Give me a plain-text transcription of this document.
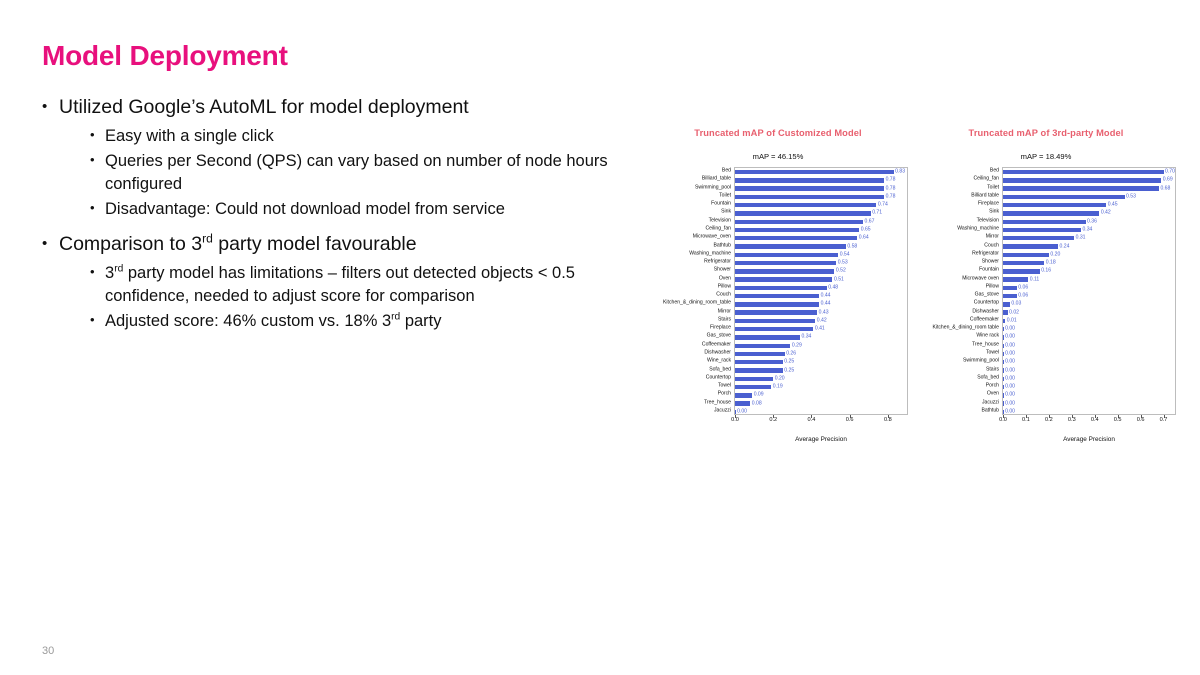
Model Deployment
• Utilized Google’s AutoML for model deployment
• Easy with a single click
• Queries per Second (QPS) can vary based on number of node hours configured
• Disadvantage: Could not download model from service
• Comparison to 3rd party model favourable
• 3rd party model has limitations – filters out detected objects < 0.5 confidence, needed to adjust score for comparison
• Adjusted score: 46% custom vs. 18% 3rd party
30
Truncated mAP of Customized Model
mAP = 46.15%
Bed
Billiard_table
Swimming_pool
Toilet
Fountain
Sink
Television
Ceiling_fan
Microwave_oven
Bathtub
Washing_machine
Refrigerator
Shower
Oven
Pillow
Couch
Kitchen_&_dining_room_table
Mirror
Stairs
Fireplace
Gas_stove
Coffeemaker
Dishwasher
Wine_rack
Sofa_bed
Countertop
Towel
Porch
Tree_house
Jacuzzi
0.83
0.78
0.78
0.78
0.74
0.71
0.67
0.65
0.64
0.58
0.54
0.53
0.52
0.51
0.48
0.44
0.44
0.43
0.42
0.41
0.34
0.29
0.26
0.25
0.25
0.20
0.19
0.09
0.08
0.00
0.0	0.2	0.4	0.6	0.8
Average Precision
Truncated mAP of 3rd-party Model
mAP = 18.49%
Bed
Ceiling_fan
Toilet
Billiard table
Fireplace
Sink
Television
Washing_machine
Mirror
Couch
Refrigerator
Shower
Fountain
Microwave oven
Pillow
Gas_stove
Countertop
Dishwasher
Coffeemaker
Kitchen_&_dining_room table
Wine rack
Tree_house
Towel
Swimming_pool
Stairs
Sofa_bed
Porch
Oven
Jacuzzi
Bathtub
0.70
0.69
0.68
0.53
0.45
0.42
0.36
0.34
0.31
0.24
0.20
0.18
0.16
0.11
0.06
0.06
0.03
0.02
0.01
0.00
0.00
0.00
0.00
0.00
0.00
0.00
0.00
0.00
0.00
0.00
0.0	0.1	0.2	0.3	0.4	0.5	0.6	0.7
Average Precision
